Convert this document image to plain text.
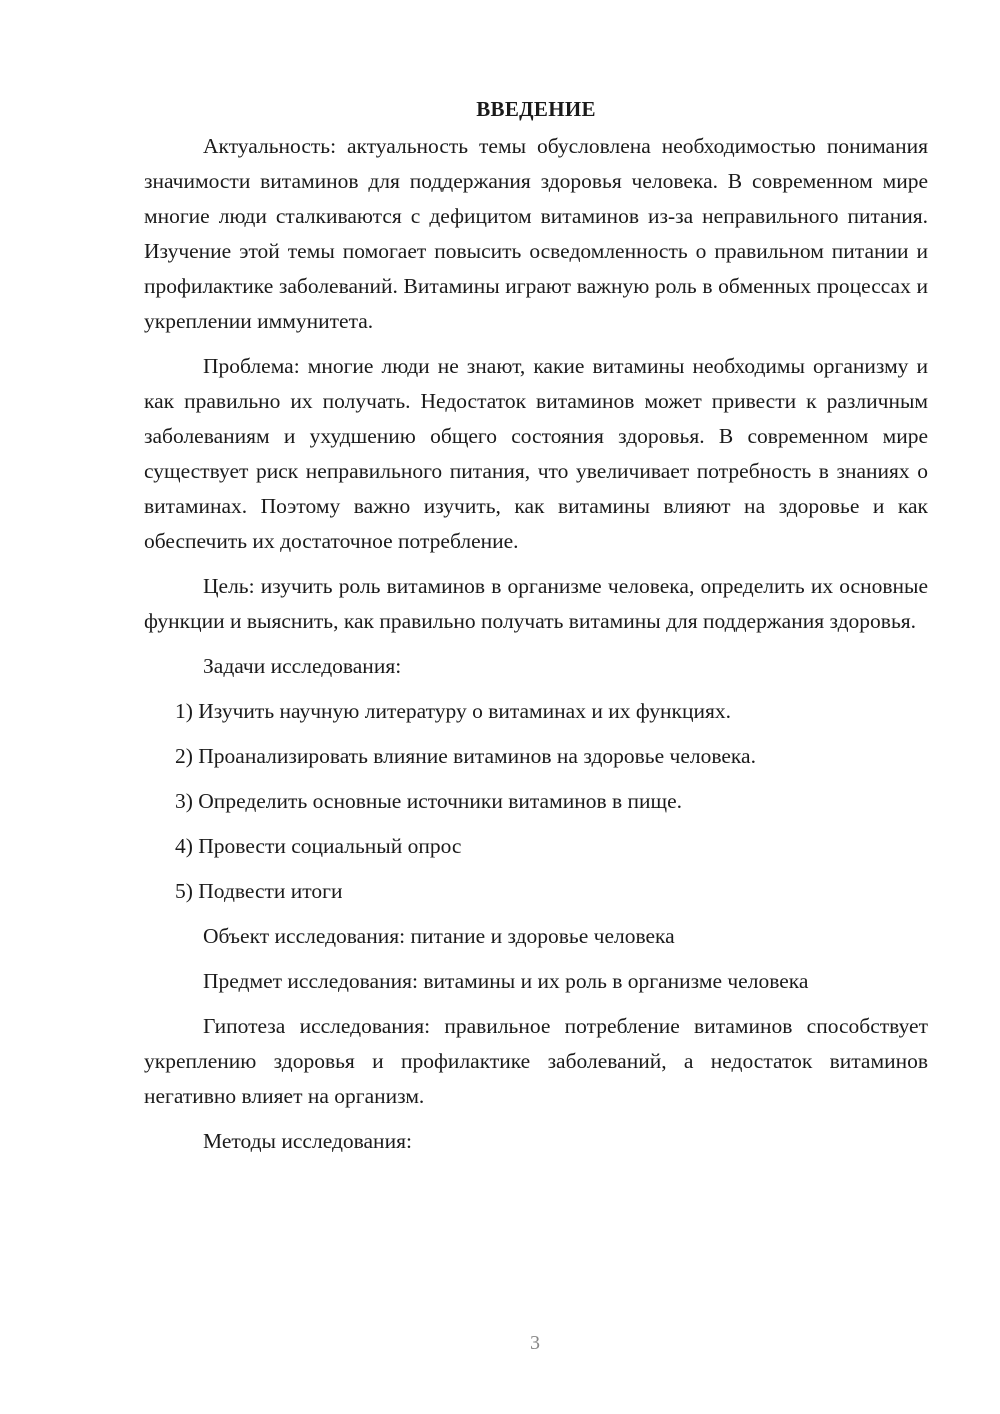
ВВЕДЕНИЕ

Актуальность: актуальность темы обусловлена необходимостью понимания значимости витаминов для поддержания здоровья человека. В современном мире многие люди сталкиваются с дефицитом витаминов из-за неправильного питания. Изучение этой темы помогает повысить осведомленность о правильном питании и профилактике заболеваний. Витамины играют важную роль в обменных процессах и укреплении иммунитета.

Проблема: многие люди не знают, какие витамины необходимы организму и как правильно их получать. Недостаток витаминов может привести к различным заболеваниям и ухудшению общего состояния здоровья. В современном мире существует риск неправильного питания, что увеличивает потребность в знаниях о витаминах. Поэтому важно изучить, как витамины влияют на здоровье и как обеспечить их достаточное потребление.

Цель: изучить роль витаминов в организме человека, определить их основные функции и выяснить, как правильно получать витамины для поддержания здоровья.

Задачи исследования:

1) Изучить научную литературу о витаминах и их функциях.

2) Проанализировать влияние витаминов на здоровье человека.

3) Определить основные источники витаминов в пище.

4) Провести социальный опрос

5) Подвести итоги

Объект исследования: питание и здоровье человека

Предмет исследования: витамины и их роль в организме человека

Гипотеза исследования: правильное потребление витаминов способствует укреплению здоровья и профилактике заболеваний, а недостаток витаминов негативно влияет на организм.

Методы исследования:

3
